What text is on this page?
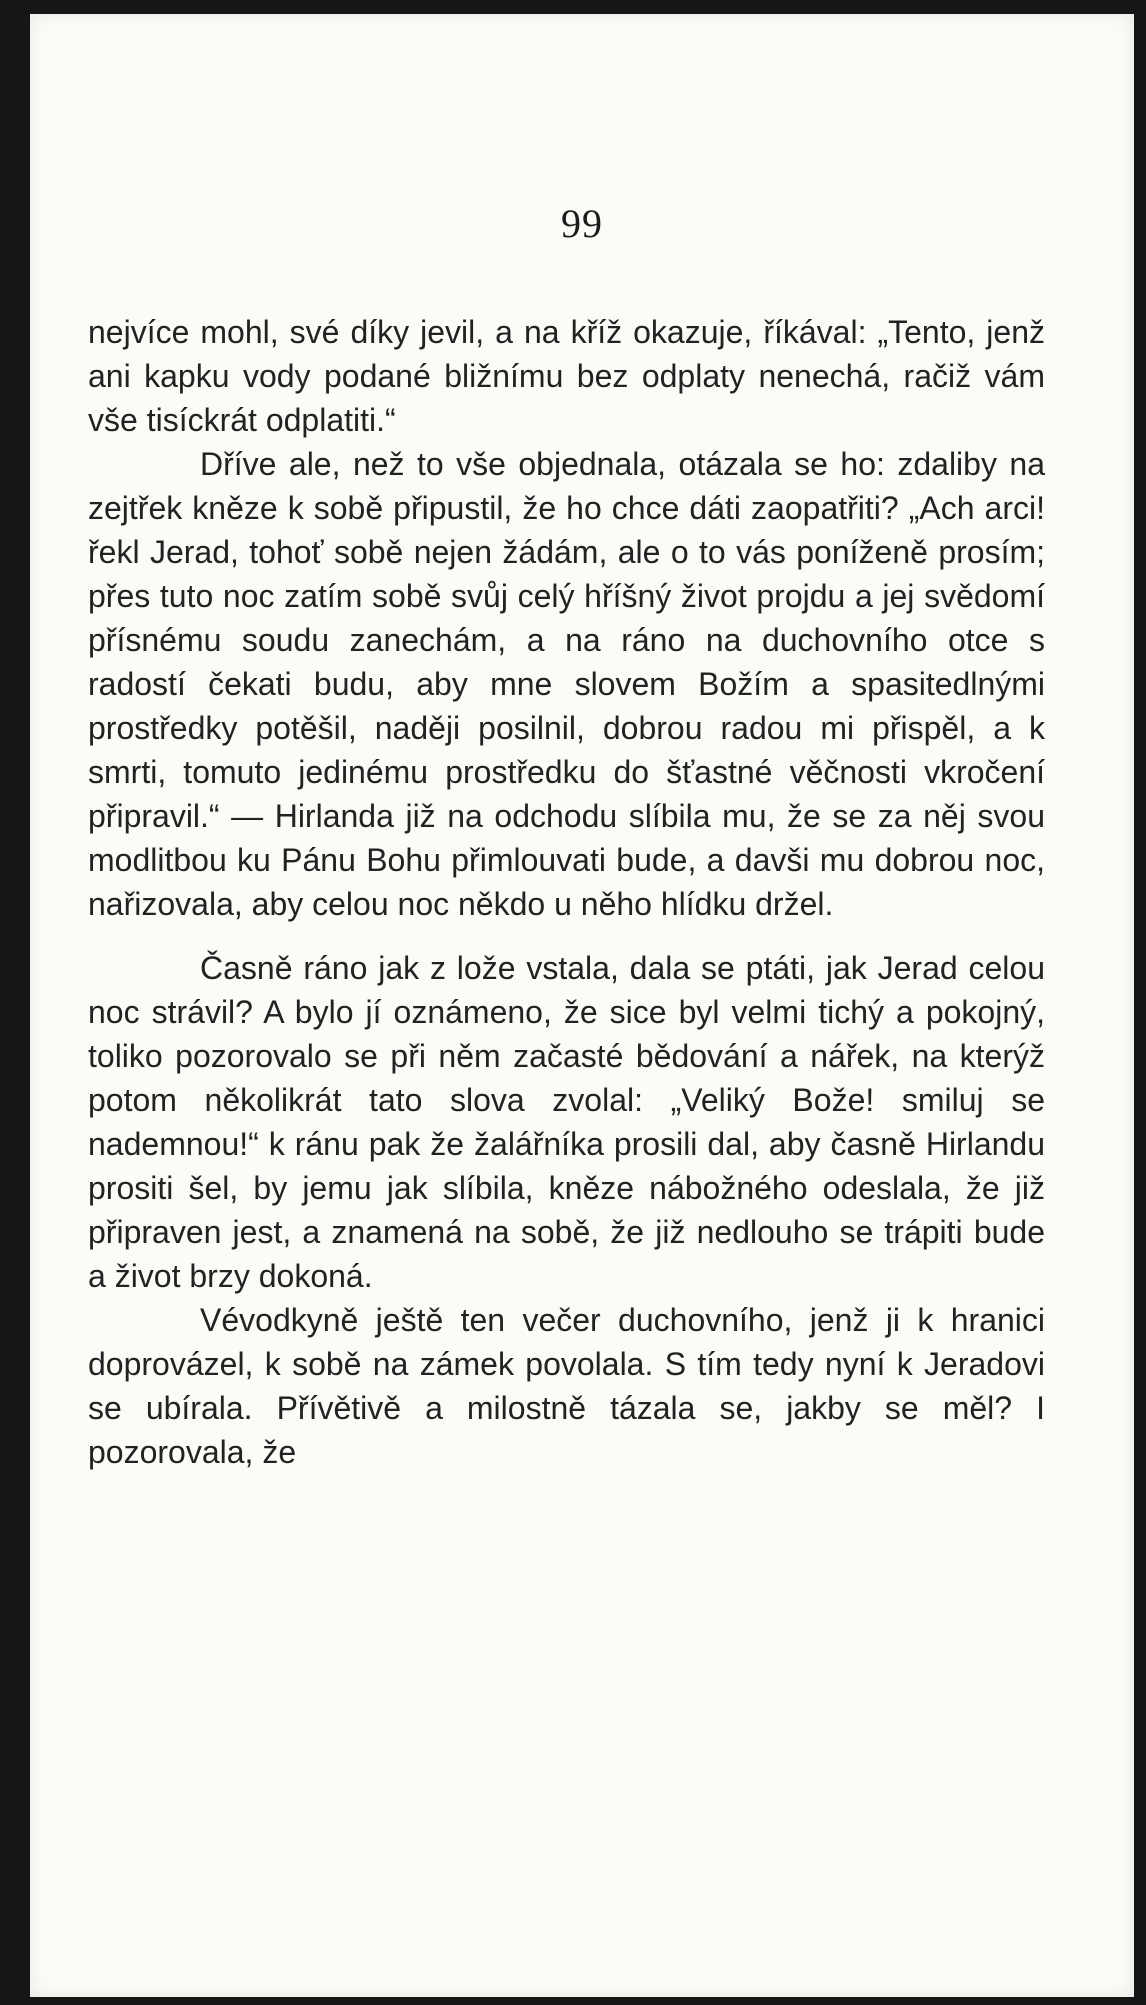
99

nejvíce mohl, své díky jevil, a na kříž okazuje, říkával: „Tento, jenž ani kapku vody podané bližnímu bez odplaty nenechá, račiž vám vše tisíckrát odplatiti.“

Dříve ale, než to vše objednala, otázala se ho: zdaliby na zejtřek kněze k sobě připustil, že ho chce dáti zaopatřiti? „Ach arci! řekl Jerad, tohoť sobě nejen žádám, ale o to vás poníženě prosím; přes tuto noc zatím sobě svůj celý hříšný život projdu a jej svědomí přísnému soudu zanechám, a na ráno na duchovního otce s radostí čekati budu, aby mne slovem Božím a spasitedlnými prostředky potěšil, naději posilnil, dobrou radou mi přispěl, a k smrti, tomuto jedinému prostředku do šťastné věčnosti vkročení připravil.“ — Hirlanda již na odchodu slíbila mu, že se za něj svou modlitbou ku Pánu Bohu přimlouvati bude, a davši mu dobrou noc, nařizovala, aby celou noc někdo u něho hlídku držel.

Časně ráno jak z lože vstala, dala se ptáti, jak Jerad celou noc strávil? A bylo jí oznámeno, že sice byl velmi tichý a pokojný, toliko pozorovalo se při něm začasté bědování a nářek, na kterýž potom několikrát tato slova zvolal: „Veliký Bože! smiluj se nademnou!“ k ránu pak že žalářníka prosili dal, aby časně Hirlandu prositi šel, by jemu jak slíbila, kněze nábožného odeslala, že již připraven jest, a znamená na sobě, že již nedlouho se trápiti bude a život brzy dokoná.

Vévodkyně ještě ten večer duchovního, jenž ji k hranici doprovázel, k sobě na zámek povolala. S tím tedy nyní k Jeradovi se ubírala. Přívětivě a milostně tázala se, jakby se měl? I pozorovala, že
